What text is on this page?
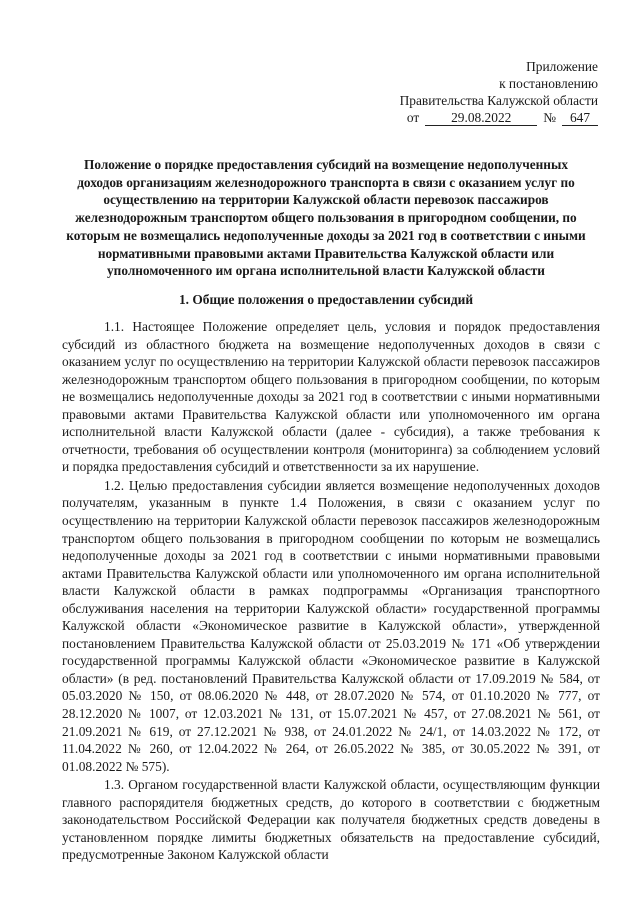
Приложение
к постановлению
Правительства Калужской области
от	29.08.2022	№	647
Положение о порядке предоставления субсидий на возмещение недополученных доходов организациям железнодорожного транспорта в связи с оказанием услуг по осуществлению на территории Калужской области перевозок пассажиров железнодорожным транспортом общего пользования в пригородном сообщении, по которым не возмещались недополученные доходы за 2021 год в соответствии с иными нормативными правовыми актами Правительства Калужской области или уполномоченного им органа исполнительной власти Калужской области
1. Общие положения о предоставлении субсидий

1.1. Настоящее Положение определяет цель, условия и порядок предоставления субсидий из областного бюджета на возмещение недополученных доходов в связи с оказанием услуг по осуществлению на территории Калужской области перевозок пассажиров железнодорожным транспортом общего пользования в пригородном сообщении, по которым не возмещались недополученные доходы за 2021 год в соответствии с иными нормативными правовыми актами Правительства Калужской области или уполномоченного им органа исполнительной власти Калужской области (далее - субсидия), а также требования к отчетности, требования об осуществлении контроля (мониторинга) за соблюдением условий и порядка предоставления субсидий и ответственности за их нарушение.

1.2. Целью предоставления субсидии является возмещение недополученных доходов получателям, указанным в пункте 1.4 Положения, в связи с оказанием услуг по осуществлению на территории Калужской области перевозок пассажиров железнодорожным транспортом общего пользования в пригородном сообщении по которым не возмещались недополученные доходы за 2021 год в соответствии с иными нормативными правовыми актами Правительства Калужской области или уполномоченного им органа исполнительной власти Калужской области в рамках подпрограммы «Организация транспортного обслуживания населения на территории Калужской области» государственной программы Калужской области «Экономическое развитие в Калужской области», утвержденной постановлением Правительства Калужской области от 25.03.2019 № 171 «Об утверждении государственной программы Калужской области «Экономическое развитие в Калужской области» (в ред. постановлений Правительства Калужской области от 17.09.2019 № 584, от 05.03.2020 № 150, от 08.06.2020 № 448, от 28.07.2020 № 574, от 01.10.2020 № 777, от 28.12.2020 № 1007, от 12.03.2021 № 131, от 15.07.2021 № 457, от 27.08.2021 № 561, от 21.09.2021 № 619, от 27.12.2021 № 938, от 24.01.2022 № 24/1, от 14.03.2022 № 172, от 11.04.2022 № 260, от 12.04.2022 № 264, от 26.05.2022 № 385, от 30.05.2022 № 391, от 01.08.2022 № 575).

1.3. Органом государственной власти Калужской области, осуществляющим функции главного распорядителя бюджетных средств, до которого в соответствии с бюджетным законодательством Российской Федерации как получателя бюджетных средств доведены в установленном порядке лимиты бюджетных обязательств на предоставление субсидий, предусмотренные Законом Калужской области
